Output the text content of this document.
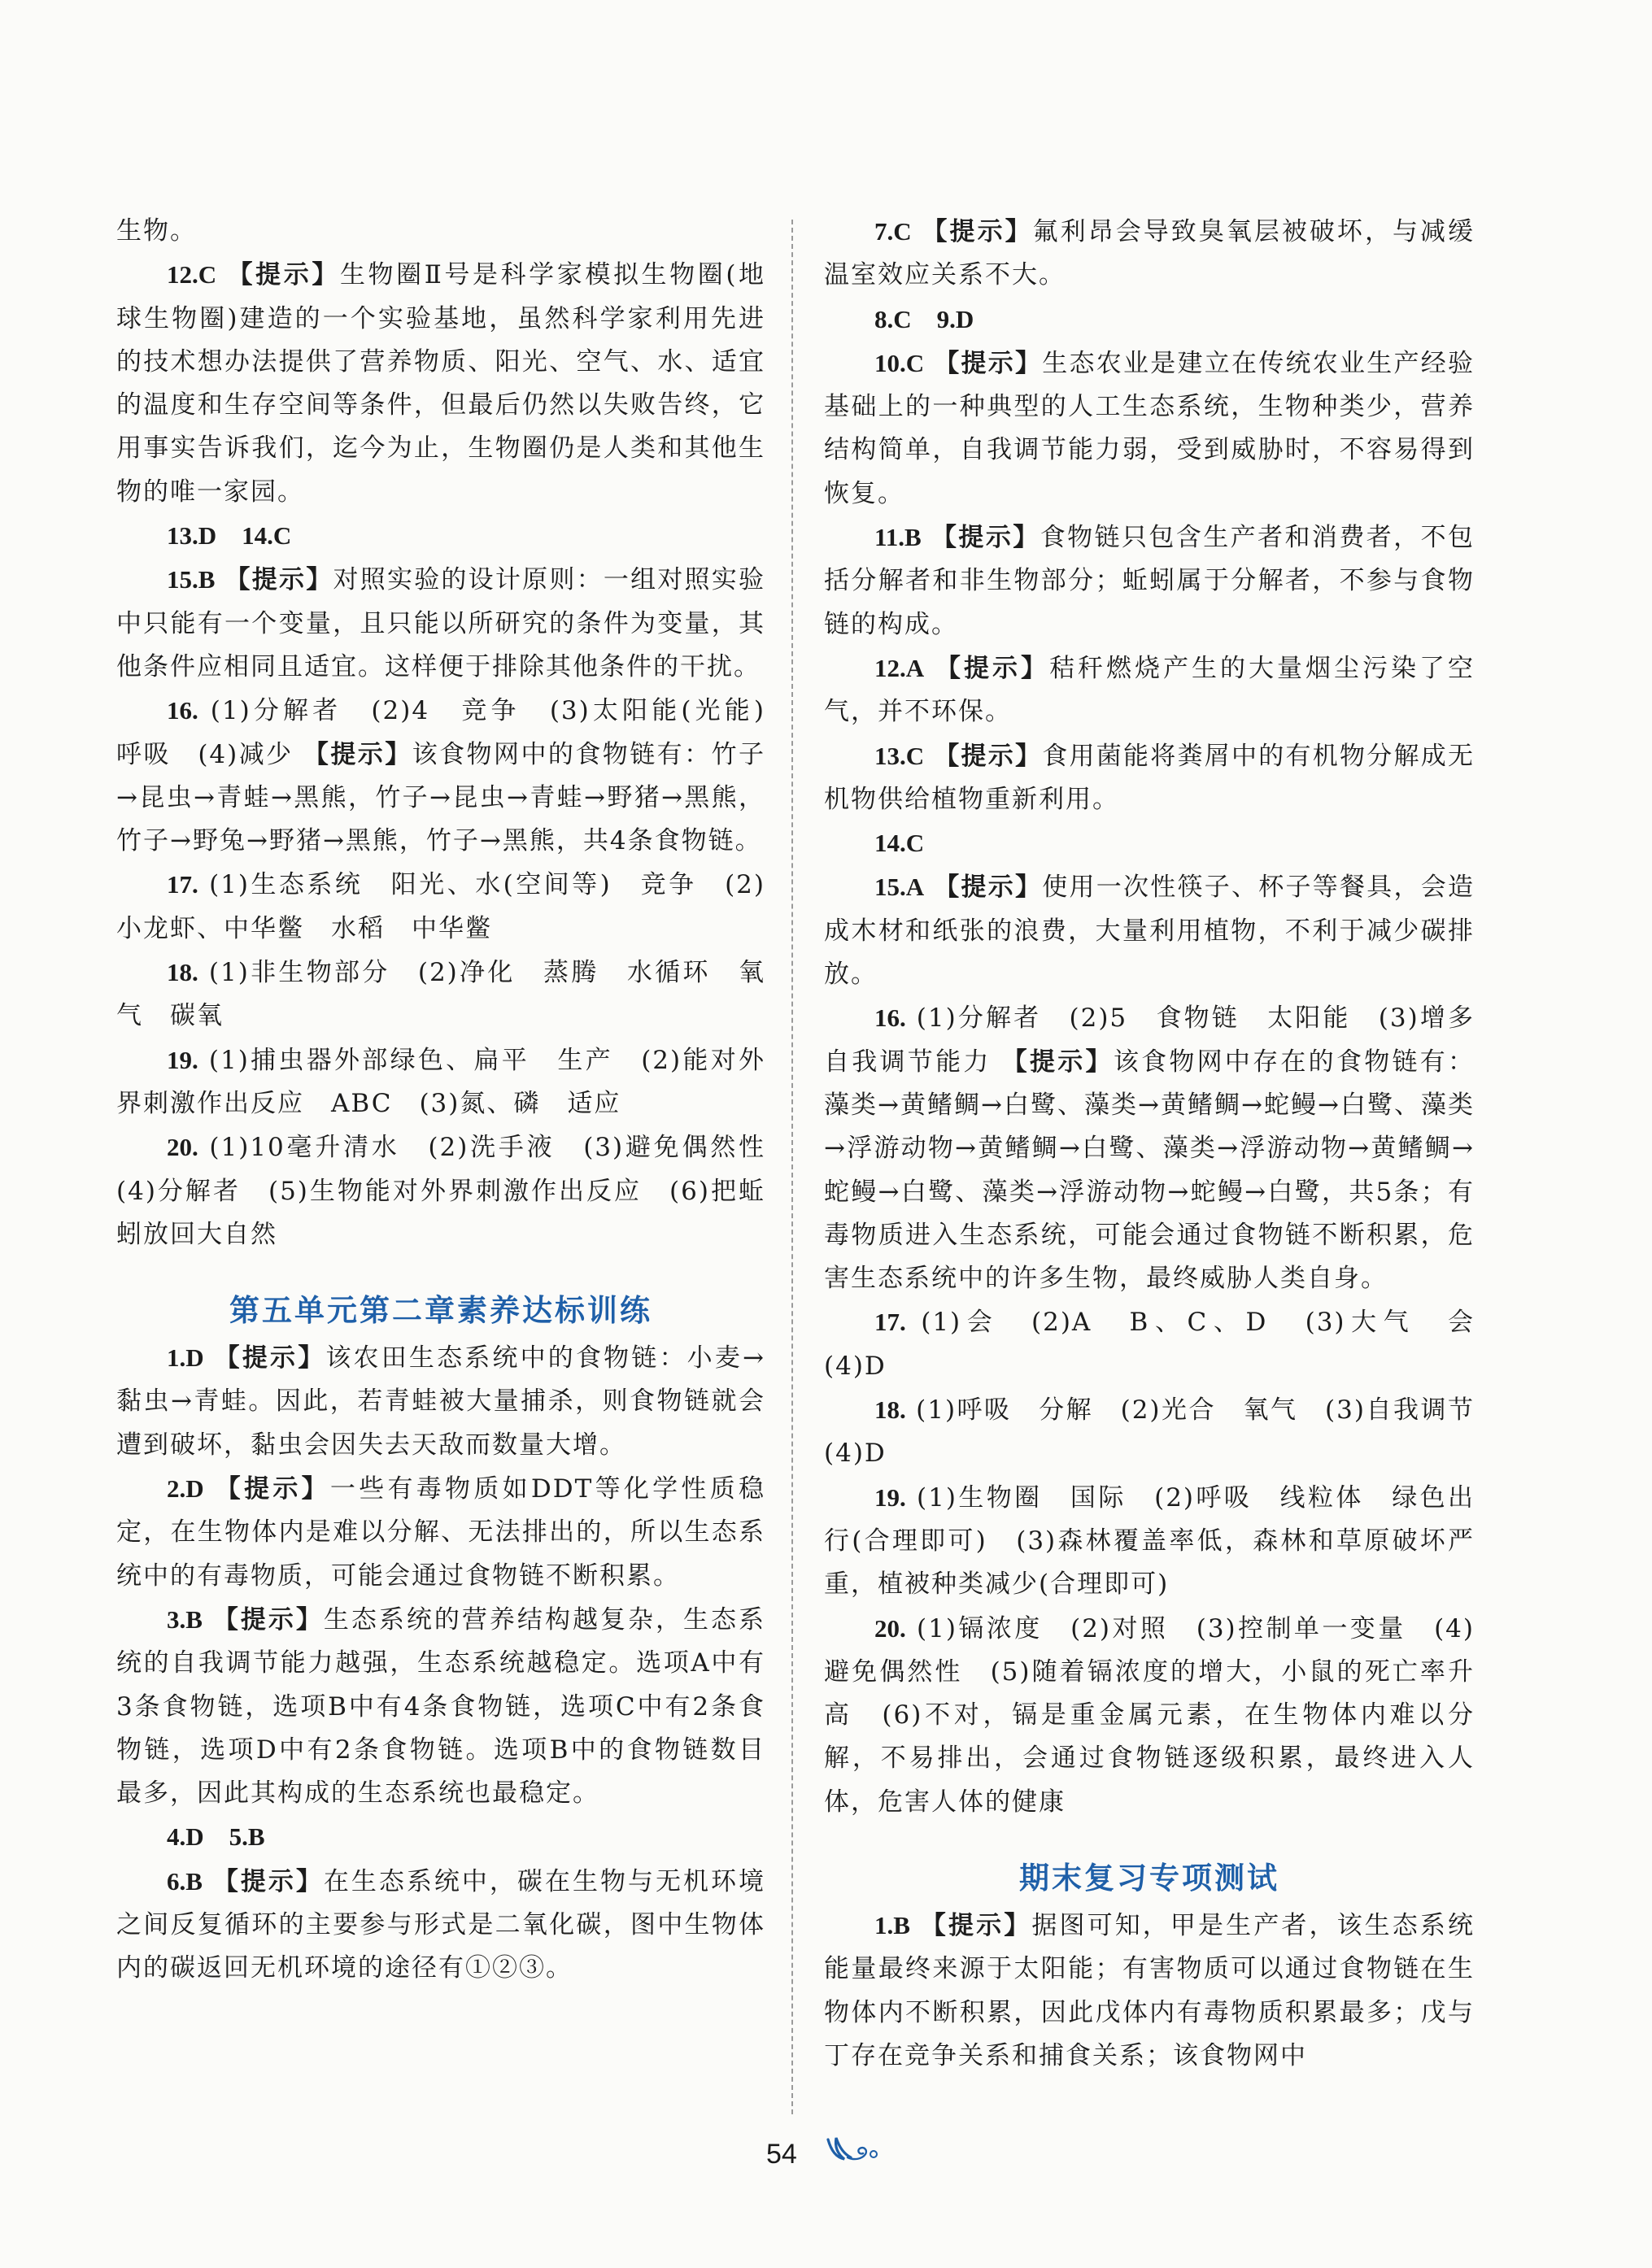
生物。

12.C 【提示】生物圈Ⅱ号是科学家模拟生物圈(地球生物圈)建造的一个实验基地，虽然科学家利用先进的技术想办法提供了营养物质、阳光、空气、水、适宜的温度和生存空间等条件，但最后仍然以失败告终，它用事实告诉我们，迄今为止，生物圈仍是人类和其他生物的唯一家园。

13.D　14.C

15.B 【提示】对照实验的设计原则：一组对照实验中只能有一个变量，且只能以所研究的条件为变量，其他条件应相同且适宜。这样便于排除其他条件的干扰。

16. (1)分解者　(2)4　竞争　(3)太阳能(光能)　呼吸　(4)减少 【提示】该食物网中的食物链有：竹子→昆虫→青蛙→黑熊，竹子→昆虫→青蛙→野猪→黑熊，竹子→野兔→野猪→黑熊，竹子→黑熊，共4条食物链。

17. (1)生态系统　阳光、水(空间等)　竞争　(2)小龙虾、中华鳖　水稻　中华鳖

18. (1)非生物部分　(2)净化　蒸腾　水循环　氧气　碳氧

19. (1)捕虫器外部绿色、扁平　生产　(2)能对外界刺激作出反应　ABC　(3)氮、磷　适应

20. (1)10毫升清水　(2)洗手液　(3)避免偶然性　(4)分解者　(5)生物能对外界刺激作出反应　(6)把蚯蚓放回大自然

第五单元第二章素养达标训练

1.D 【提示】该农田生态系统中的食物链：小麦→黏虫→青蛙。因此，若青蛙被大量捕杀，则食物链就会遭到破坏，黏虫会因失去天敌而数量大增。

2.D 【提示】一些有毒物质如DDT等化学性质稳定，在生物体内是难以分解、无法排出的，所以生态系统中的有毒物质，可能会通过食物链不断积累。

3.B 【提示】生态系统的营养结构越复杂，生态系统的自我调节能力越强，生态系统越稳定。选项A中有3条食物链，选项B中有4条食物链，选项C中有2条食物链，选项D中有2条食物链。选项B中的食物链数目最多，因此其构成的生态系统也最稳定。

4.D　5.B

6.B 【提示】在生态系统中，碳在生物与无机环境之间反复循环的主要参与形式是二氧化碳，图中生物体内的碳返回无机环境的途径有①②③。

7.C 【提示】氟利昂会导致臭氧层被破坏，与减缓温室效应关系不大。

8.C　9.D

10.C 【提示】生态农业是建立在传统农业生产经验基础上的一种典型的人工生态系统，生物种类少，营养结构简单，自我调节能力弱，受到威胁时，不容易得到恢复。

11.B 【提示】食物链只包含生产者和消费者，不包括分解者和非生物部分；蚯蚓属于分解者，不参与食物链的构成。

12.A 【提示】秸秆燃烧产生的大量烟尘污染了空气，并不环保。

13.C 【提示】食用菌能将粪屑中的有机物分解成无机物供给植物重新利用。

14.C

15.A 【提示】使用一次性筷子、杯子等餐具，会造成木材和纸张的浪费，大量利用植物，不利于减少碳排放。

16. (1)分解者　(2)5　食物链　太阳能　(3)增多　自我调节能力 【提示】该食物网中存在的食物链有：藻类→黄鳍鲷→白鹭、藻类→黄鳍鲷→蛇鳗→白鹭、藻类→浮游动物→黄鳍鲷→白鹭、藻类→浮游动物→黄鳍鲷→蛇鳗→白鹭、藻类→浮游动物→蛇鳗→白鹭，共5条；有毒物质进入生态系统，可能会通过食物链不断积累，危害生态系统中的许多生物，最终威胁人类自身。

17. (1)会　(2)A　B、C、D　(3)大气　会　(4)D

18. (1)呼吸　分解　(2)光合　氧气　(3)自我调节　(4)D

19. (1)生物圈　国际　(2)呼吸　线粒体　绿色出行(合理即可)　(3)森林覆盖率低，森林和草原破坏严重，植被种类减少(合理即可)

20. (1)镉浓度　(2)对照　(3)控制单一变量　(4)避免偶然性　(5)随着镉浓度的增大，小鼠的死亡率升高　(6)不对，镉是重金属元素，在生物体内难以分解，不易排出，会通过食物链逐级积累，最终进入人体，危害人体的健康

期末复习专项测试

1.B 【提示】据图可知，甲是生产者，该生态系统能量最终来源于太阳能；有害物质可以通过食物链在生物体内不断积累，因此戊体内有毒物质积累最多；戊与丁存在竞争关系和捕食关系；该食物网中

54
